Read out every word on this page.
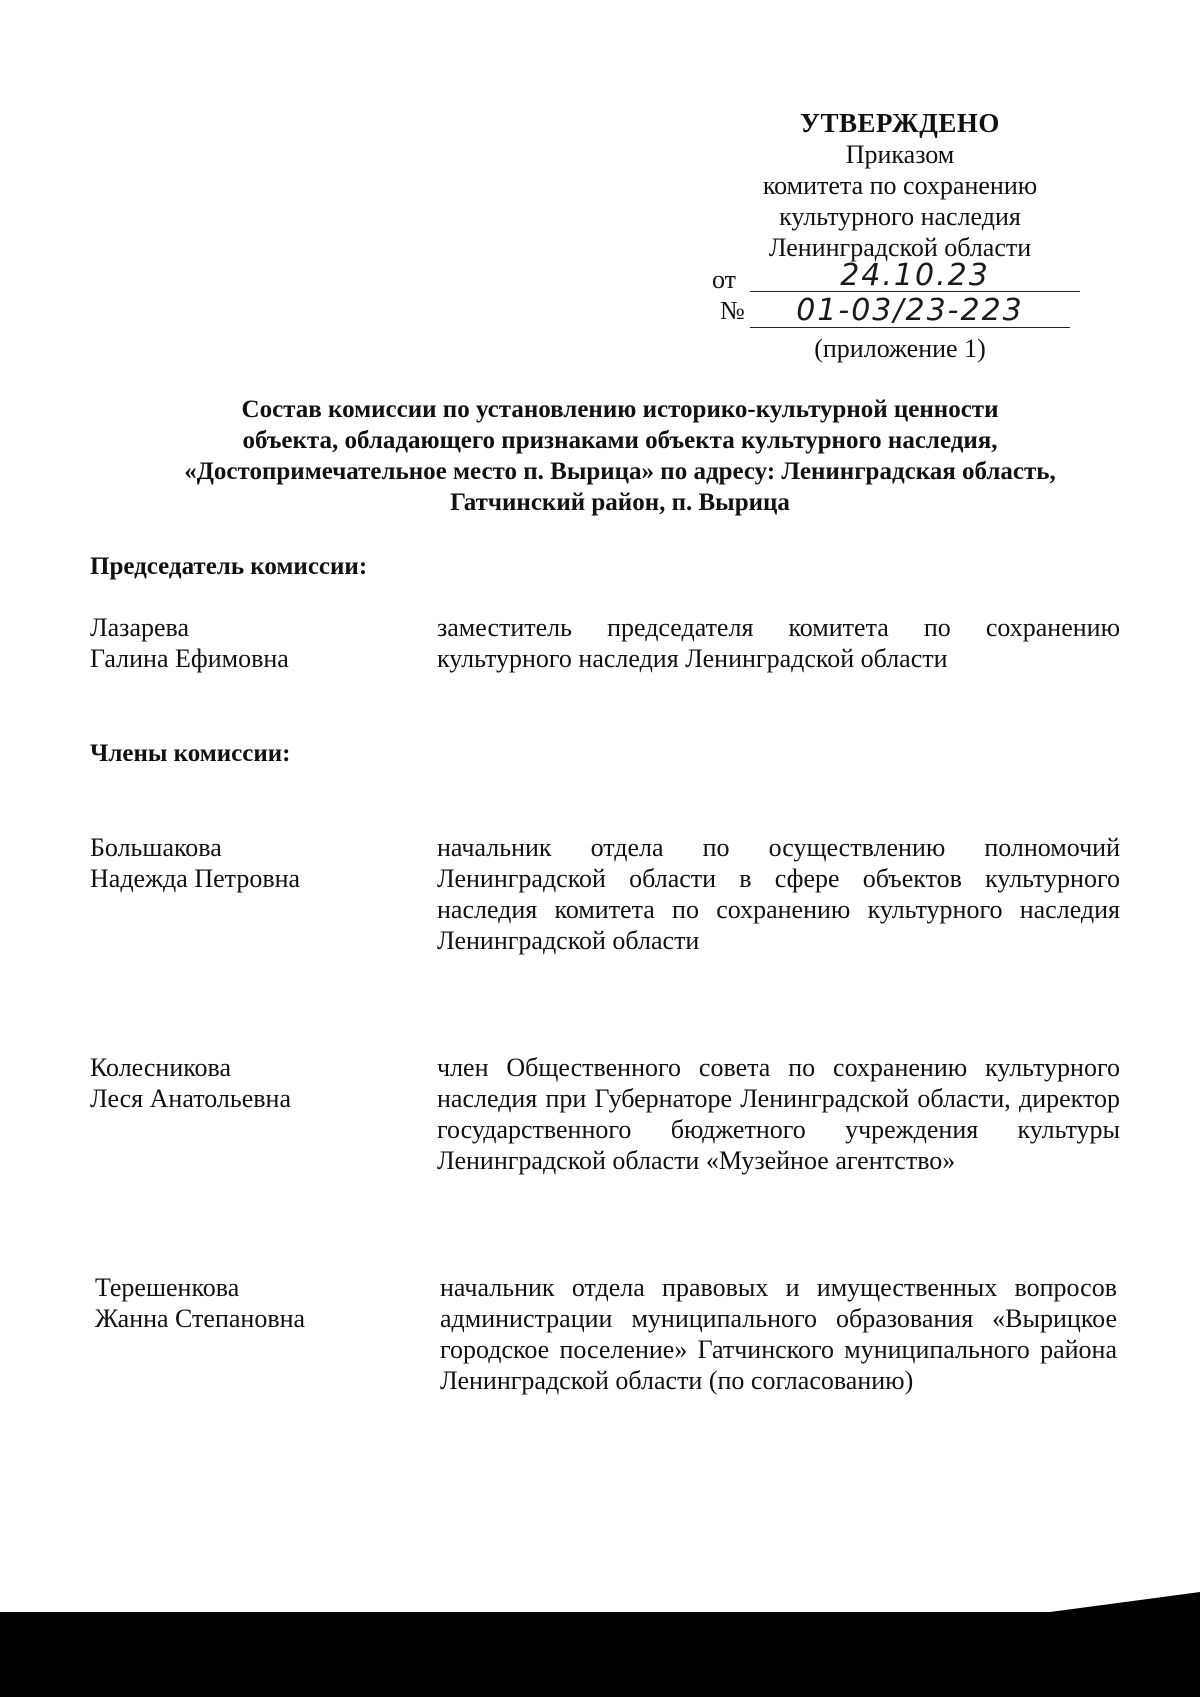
УТВЕРЖДЕНО
Приказом
комитета по сохранению
культурного наследия
Ленинградской области
от	24.10.23
№	01-03/23-223
(приложение 1)
Состав комиссии по установлению историко-культурной ценности
объекта, обладающего признаками объекта культурного наследия,
«Достопримечательное место п. Вырица» по адресу: Ленинградская область,
Гатчинский район, п. Вырица
Председатель комиссии:
Лазарева
Галина Ефимовна
заместитель председателя комитета по сохранению культурного наследия Ленинградской области
Члены комиссии:
Большакова
Надежда Петровна
начальник отдела по осуществлению полномочий Ленинградской области в сфере объектов культурного наследия комитета по сохранению культурного наследия Ленинградской области
Колесникова
Леся Анатольевна
член Общественного совета по сохранению культурного наследия при Губернаторе Ленинградской области, директор государственного бюджетного учреждения культуры Ленинградской области «Музейное агентство»
Терешенкова
Жанна Степановна
начальник отдела правовых и имущественных вопросов администрации муниципального образования «Вырицкое городское поселение» Гатчинского муниципального района Ленинградской области (по согласованию)
